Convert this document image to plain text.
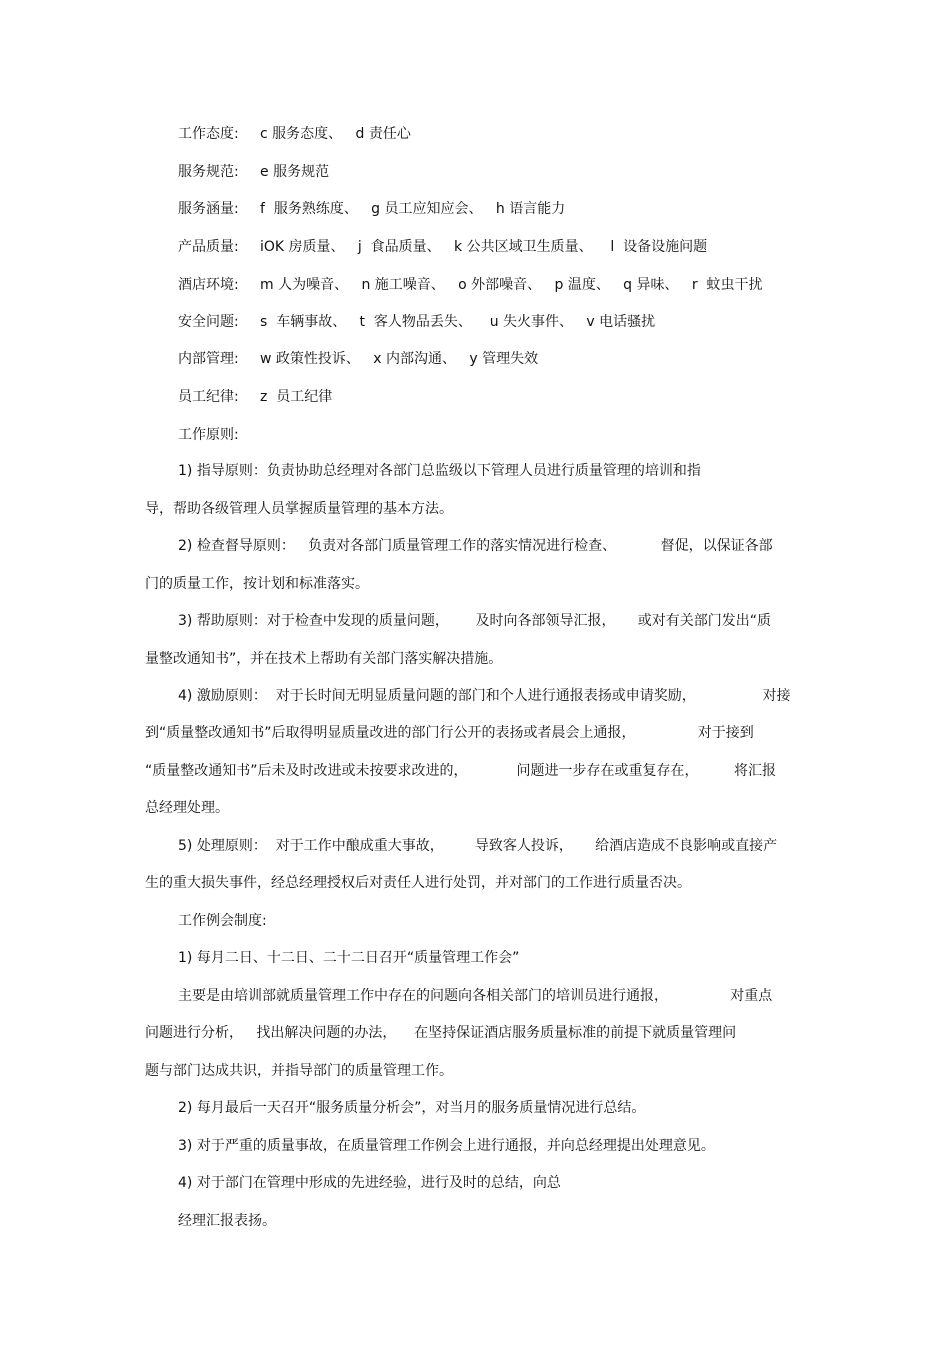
工作态度: c 服务态度、   d 责任心
服务规范: e 服务规范
服务涵量: f  服务熟练度、   g 员工应知应会、   h 语言能力
产品质量: iOK 房质量、   j  食品质量、   k 公共区域卫生质量、    l  设备设施问题
酒店环境: m 人为噪音、   n 施工噪音、   o 外部噪音、   p 温度、   q 异味、   r  蚊虫干扰
安全问题: s  车辆事故、   t  客人物品丢失、    u 失火事件、   v 电话骚扰
内部管理: w 政策性投诉、   x 内部沟通、   y 管理失效
员工纪律: z  员工纪律
工作原则:
1) 指导原则：负责协助总经理对各部门总监级以下管理人员进行质量管理的培训和指
导，帮助各级管理人员掌握质量管理的基本方法。
2) 检查督导原则：   负责对各部门质量管理工作的落实情况进行检查、          督促，以保证各部
门的质量工作，按计划和标准落实。
3) 帮助原则：对于检查中发现的质量问题，      及时向各部领导汇报，     或对有关部门发出“质
量整改通知书”，并在技术上帮助有关部门落实解决措施。
4) 激励原则：  对于长时间无明显质量问题的部门和个人进行通报表扬或申请奖励，               对接
到“质量整改通知书”后取得明显质量改进的部门行公开的表扬或者晨会上通报，              对于接到
“质量整改通知书”后未及时改进或未按要求改进的，           问题进一步存在或重复存在，        将汇报
总经理处理。
5) 处理原则：  对于工作中酿成重大事故，       导致客人投诉，     给酒店造成不良影响或直接产
生的重大损失事件，经总经理授权后对责任人进行处罚，并对部门的工作进行质量否决。
工作例会制度:
1) 每月二日、十二日、二十二日召开“质量管理工作会”
主要是由培训部就质量管理工作中存在的问题向各相关部门的培训员进行通报，              对重点
问题进行分析，   找出解决问题的办法，    在坚持保证酒店服务质量标准的前提下就质量管理问
题与部门达成共识，并指导部门的质量管理工作。
2) 每月最后一天召开“服务质量分析会”，对当月的服务质量情况进行总结。
3) 对于严重的质量事故，在质量管理工作例会上进行通报，并向总经理提出处理意见。
4) 对于部门在管理中形成的先进经验，进行及时的总结，向总
经理汇报表扬。
